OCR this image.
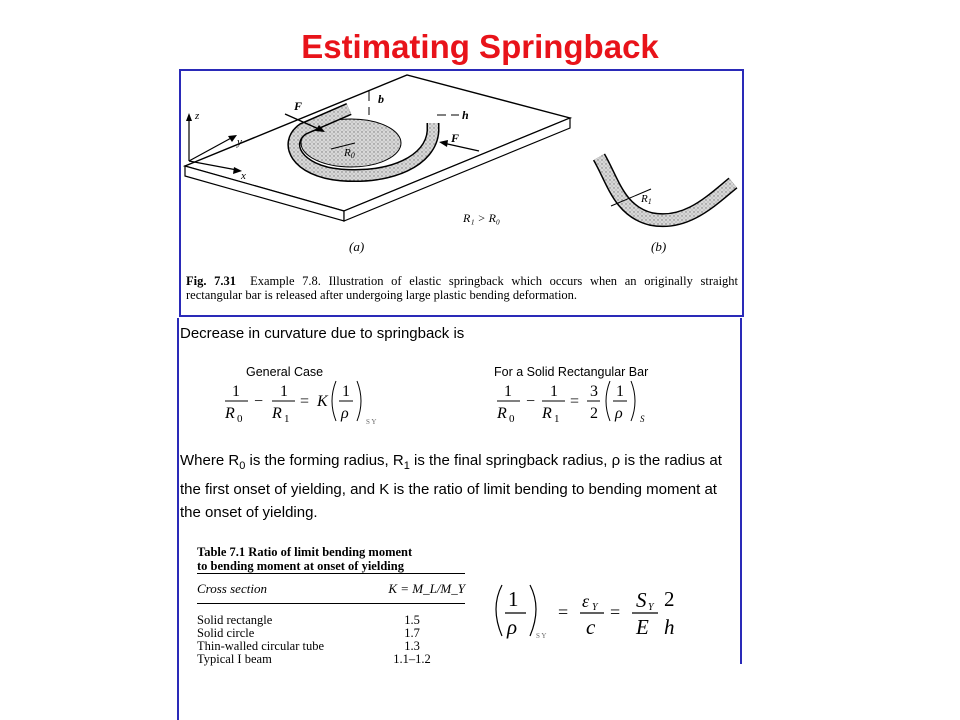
Estimating Springback
z
y
x
F
F
b
h
R0
R1
R₁ > R₀
(a)	(b)
Fig. 7.31 Example 7.8. Illustration of elastic springback which occurs when an originally straight rectangular bar is released after undergoing large plastic bending deformation.
Decrease in curvature due to springback is
General Case
1
R 0
−
1
R 1
= K
1
ρ S Y
For a Solid Rectangular Bar
1
R 0
−
1
R 1
=
3
2
1
ρ S
Where $R_0$ is the forming radius, $R_1$ is the final springback radius, ρ is the radius at the first onset of yielding, and K is the ratio of limit bending to bending moment at the onset of yielding.
Table 7.1 Ratio of limit bending moment
to bending moment at onset of yielding
Cross section	K = M_L/M_Y
Solid rectangle	1.5
Solid circle	1.7
Thin-walled circular tube	1.3
Typical I beam	1.1–1.2
1
ρ	S Y
=
ε Y
c
= S Y
E
2
h
